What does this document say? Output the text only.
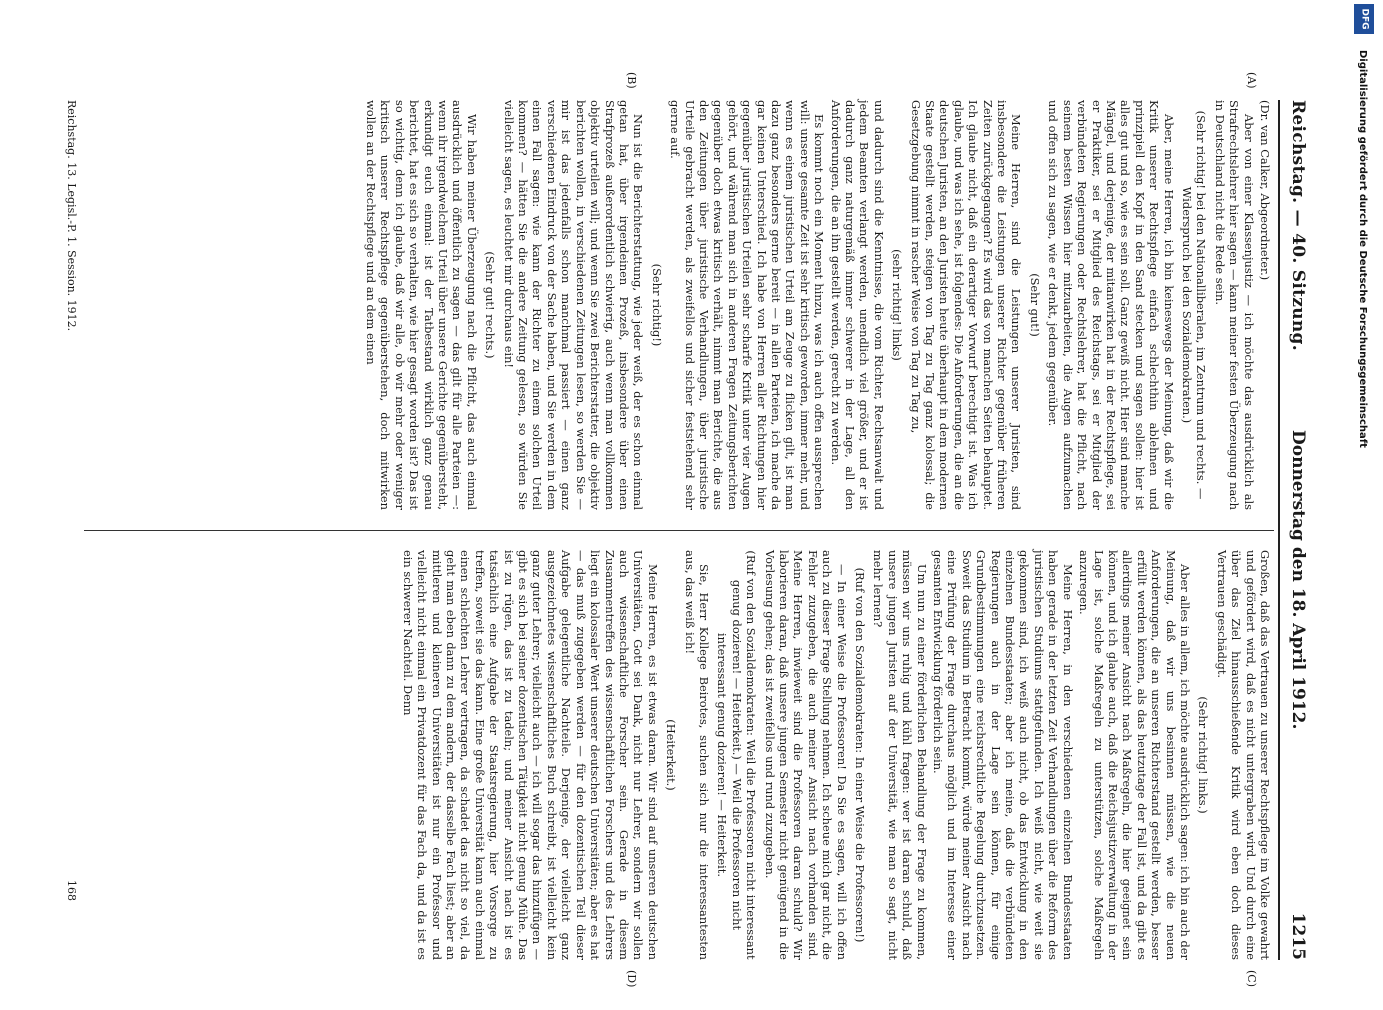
Reichstag. — 40. Sitzung.
Donnerstag den 18. April 1912.
1215
(A)
(B)
(C)
(D)

(Dr. van Calker, Abgeordneter.)

Aber von einer Klassenjustiz — ich möchte das ausdrücklich als Strafrechtslehrer hier sagen — kann meiner festen Überzeugung nach in Deutschland nicht die Rede sein.

(Sehr richtig! bei den Nationalliberalen, im Zentrum und rechts. — Widerspruch bei den Sozialdemokraten.)

Aber, meine Herren, ich bin keineswegs der Meinung, daß wir die Kritik unserer Rechtspflege einfach schlechthin ablehnen und prinzipiell den Kopf in den Sand stecken und sagen sollen: hier ist alles gut und so, wie es sein soll. Ganz gewiß nicht. Hier sind manche Mängel, und derjenige, der mitanwirken hat in der Rechtspflege, sei er Praktiker, sei er Mitglied des Reichstags, sei er Mitglied der verbündeten Regierungen oder Rechtslehrer, hat die Pflicht, nach seinem besten Wissen hier mitzuarbeiten, die Augen aufzumachen und offen sich zu sagen, wie er denkt, jedem gegenüber.

(Sehr gut!)

Meine Herren, sind die Leistungen unserer Juristen, sind insbesondere die Leistungen unserer Richter gegenüber früheren Zeiten zurückgegangen? Es wird das von manchen Seiten behauptet. Ich glaube nicht, daß ein derartiger Vorwurf berechtigt ist. Was ich glaube, und was ich sehe, ist folgendes: Die Anforderungen, die an die deutschen Juristen, an den Juristen heute überhaupt in dem modernen Staate gestellt werden, steigen von Tag zu Tag ganz kolossal; die Gesetzgebung nimmt in rascher Weise von Tag zu Tag zu,

(sehr richtig! links)

und dadurch sind die Kenntnisse, die vom Richter, Rechtsanwalt und jedem Beamten verlangt werden, unendlich viel größer, und er ist dadurch ganz naturgemäß immer schwerer in der Lage, all den Anforderungen, die an ihn gestellt werden, gerecht zu werden.

Es kommt noch ein Moment hinzu, was ich auch offen aussprechen will: unsere gesamte Zeit ist sehr kritisch geworden, immer mehr, und wenn es einem juristischen Urteil am Zeuge zu flicken gilt, ist man dazu ganz besonders gerne bereit — in allen Parteien, ich mache da gar keinen Unterschied. Ich habe von Herren aller Richtungen hier gegenüber juristischen Urteilen sehr scharfe Kritik unter vier Augen gehört, und während man sich in anderen Fragen Zeitungsberichten gegenüber doch etwas kritisch verhält, nimmt man Berichte, die aus den Zeitungen über juristische Verhandlungen, über juristische Urteile gebracht werden, als zweifellos und sicher feststehend sehr gerne auf.

(Sehr richtig!)

Nun ist die Berichterstattung, wie jeder weiß, der es schon einmal getan hat, über irgendeinen Prozeß, insbesondere über einen Strafprozeß außerordentlich schwierig, auch wenn man vollkommen objektiv urteilen will; und wenn Sie zwei Berichterstatter, die objektiv berichten wollen, in verschiedenen Zeitungen lesen, so werden Sie — mir ist das jedenfalls schon manchmal passiert — einen ganz verschiedenen Eindruck von der Sache haben, und Sie werden in dem einen Fall sagen: wie kann der Richter zu einem solchen Urteil kommen? — hätten Sie die andere Zeitung gelesen, so würden Sie vielleicht sagen, es leuchtet mir durchaus ein!

(Sehr gut! rechts.)

Wir haben meiner Überzeugung nach die Pflicht, das auch einmal ausdrücklich und öffentlich zu sagen — das gilt für alle Parteien —: wenn ihr irgendwelchem Urteil über unsere Gerichte gegenübersteht, erkundigt euch einmal: ist der Tatbestand wirklich ganz genau berichtet, hat es sich so verhalten, wie hier gesagt worden ist? Das ist so wichtig, denn ich glaube, daß wir alle, ob wir mehr oder weniger kritisch unserer Rechtspflege gegenüberstehen, doch mitwirken wollen an der Rechtspflege und an dem einen

Großen, daß das Vertrauen zu unserer Rechtspflege im Volke gewahrt und gefördert wird, daß es nicht untergraben wird. Und durch eine über das Ziel hinausschießende Kritik wird eben doch dieses Vertrauen geschädigt.

(Sehr richtig! links.)

Aber alles in allem, ich möchte ausdrücklich sagen: ich bin auch der Meinung, daß wir uns besinnen müssen, wie die neuen Anforderungen, die an unseren Richterstand gestellt werden, besser erfüllt werden können, als das heutzutage der Fall ist, und da gibt es allerdings meiner Ansicht nach Maßregeln, die hier geeignet sein können, und ich glaube auch, daß die Reichsjustizverwaltung in der Lage ist, solche Maßregeln zu unterstützen, solche Maßregeln anzuregen.

Meine Herren, in den verschiedenen einzelnen Bundesstaaten haben gerade in der letzten Zeit Verhandlungen über die Reform des juristischen Studiums stattgefunden. Ich weiß nicht, wie weit sie gekommen sind, ich weiß auch nicht, ob das Entwicklung in den einzelnen Bundesstaaten; aber ich meine, daß die verbündeten Regierungen auch in der Lage sein können, für einige Grundbestimmungen eine reichsrechtliche Regelung durchzusetzen. Soweit das Studium in Betracht kommt, würde meiner Ansicht nach eine Prüfung der Frage durchaus möglich und im Interesse einer gesamten Entwicklung förderlich sein.

Um nun zu einer förderlichen Behandlung der Frage zu kommen, müssen wir uns ruhig und kühl fragen: wer ist daran schuld, daß unsere jungen Juristen auf der Universität, wie man so sagt, nicht mehr lernen?

(Ruf von den Sozialdemokraten: In einer Weise die Professoren!)

— In einer Weise die Professoren! Da Sie es sagen, will ich offen auch zu dieser Frage Stellung nehmen. Ich scheue mich gar nicht, die Fehler zuzugeben, die auch meiner Ansicht nach vorhanden sind. Meine Herren, inwieweit sind die Professoren daran schuld? Wir laborieren daran, daß unsere jungen Semester nicht genügend in die Vorlesung gehen; das ist zweifellos und rund zuzugeben.

(Ruf von den Sozialdemokraten: Weil die Professoren nicht interessant genug dozieren! — Heiterkeit.) — Weil die Professoren nicht interessant genug dozieren! — Heiterkeit.

Sie, Herr Kollege Beirotes, suchen sich nur die interessantesten aus, das weiß ich!

(Heiterkeit.)

Meine Herren, es ist etwas daran. Wir sind auf unseren deutschen Universitäten, Gott sei Dank, nicht nur Lehrer, sondern wir sollen auch wissenschaftliche Forscher sein. Gerade in diesem Zusammentreffen des wissenschaftlichen Forschers und des Lehrers liegt ein kolossaler Wert unserer deutschen Universitäten; aber es hat — das muß zugegeben werden — für den dozentischen Teil dieser Aufgabe gelegentliche Nachteile. Derjenige, der vielleicht ganz ausgezeichnetes wissenschaftliches Buch schreibt, ist vielleicht kein ganz guter Lehrer; vielleicht auch — ich will sogar das hinzufügen — gibt es sich bei seiner dozentischen Tätigkeit nicht genug Mühe. Das ist zu rügen, das ist zu tadeln; und meiner Ansicht nach ist es tatsächlich eine Aufgabe der Staatsregierung, hier Vorsorge zu treffen, soweit sie das kann. Eine große Universität kann auch einmal einen schlechten Lehrer vertragen, da schadet das nicht so viel, da geht man eben dann zu dem andern, der dasselbe Fach liest; aber an mittleren und kleineren Universitäten ist nur ein Professor und vielleicht nicht einmal ein Privatdozent für das Fach da, und da ist es ein schwerer Nachteil. Denn

Reichstag. 13. Legisl.-P. 1. Session. 1912.
168
Digitalisierung gefördert durch die Deutsche Forschungsgemeinschaft
DFG
